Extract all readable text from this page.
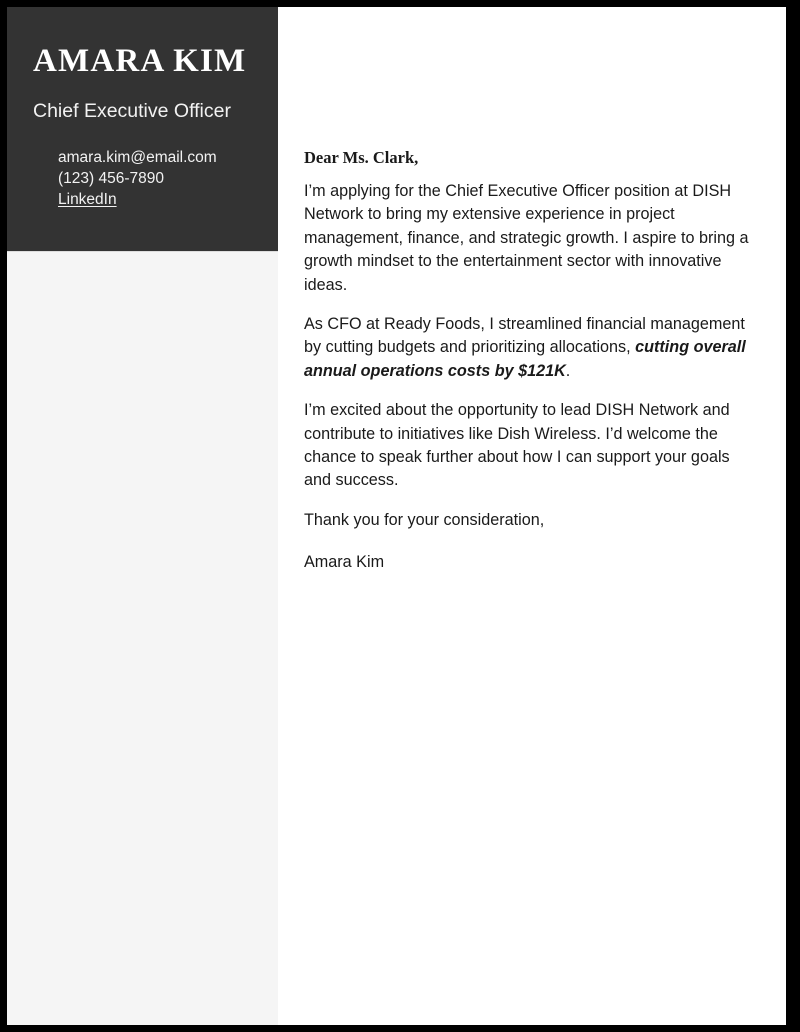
AMARA KIM

Chief Executive Officer

amara.kim@email.com
(123) 456-7890
LinkedIn

Dear Ms. Clark,

I’m applying for the Chief Executive Officer position at DISH Network to bring my extensive experience in project management, finance, and strategic growth. I aspire to bring a growth mindset to the entertainment sector with innovative ideas.

As CFO at Ready Foods, I streamlined financial management by cutting budgets and prioritizing allocations, cutting overall annual operations costs by $121K.

I’m excited about the opportunity to lead DISH Network and contribute to initiatives like Dish Wireless. I’d welcome the chance to speak further about how I can support your goals and success.

Thank you for your consideration,

Amara Kim
